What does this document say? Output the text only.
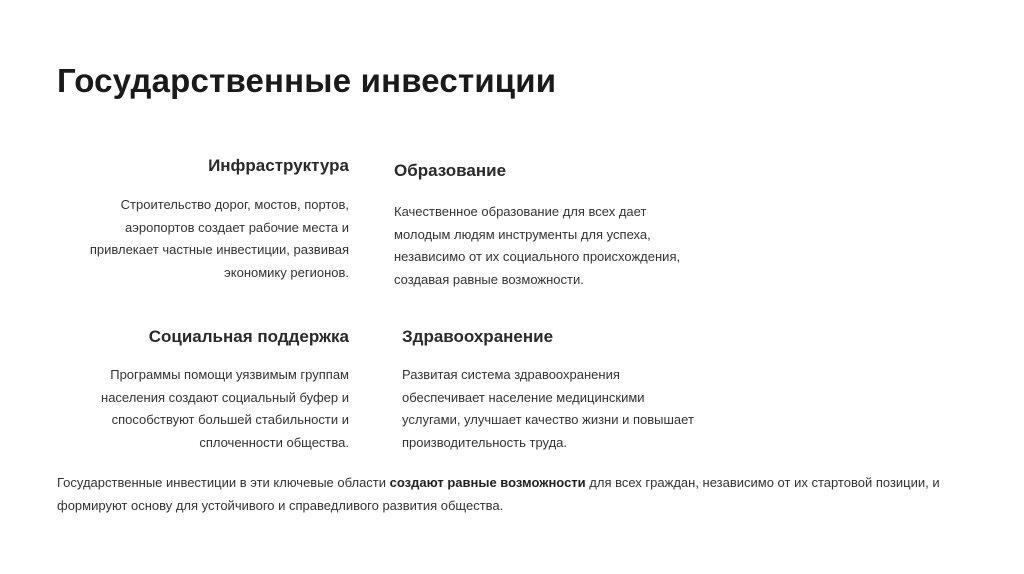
Государственные инвестиции
Инфраструктура

Строительство дорог, мостов, портов, аэропортов создает рабочие места и привлекает частные инвестиции, развивая экономику регионов.

Образование

Качественное образование для всех дает молодым людям инструменты для успеха, независимо от их социального происхождения, создавая равные возможности.

Социальная поддержка

Программы помощи уязвимым группам населения создают социальный буфер и способствуют большей стабильности и сплоченности общества.

Здравоохранение

Развитая система здравоохранения обеспечивает население медицинскими услугами, улучшает качество жизни и повышает производительность труда.

Государственные инвестиции в эти ключевые области создают равные возможности для всех граждан, независимо от их стартовой позиции, и формируют основу для устойчивого и справедливого развития общества.
